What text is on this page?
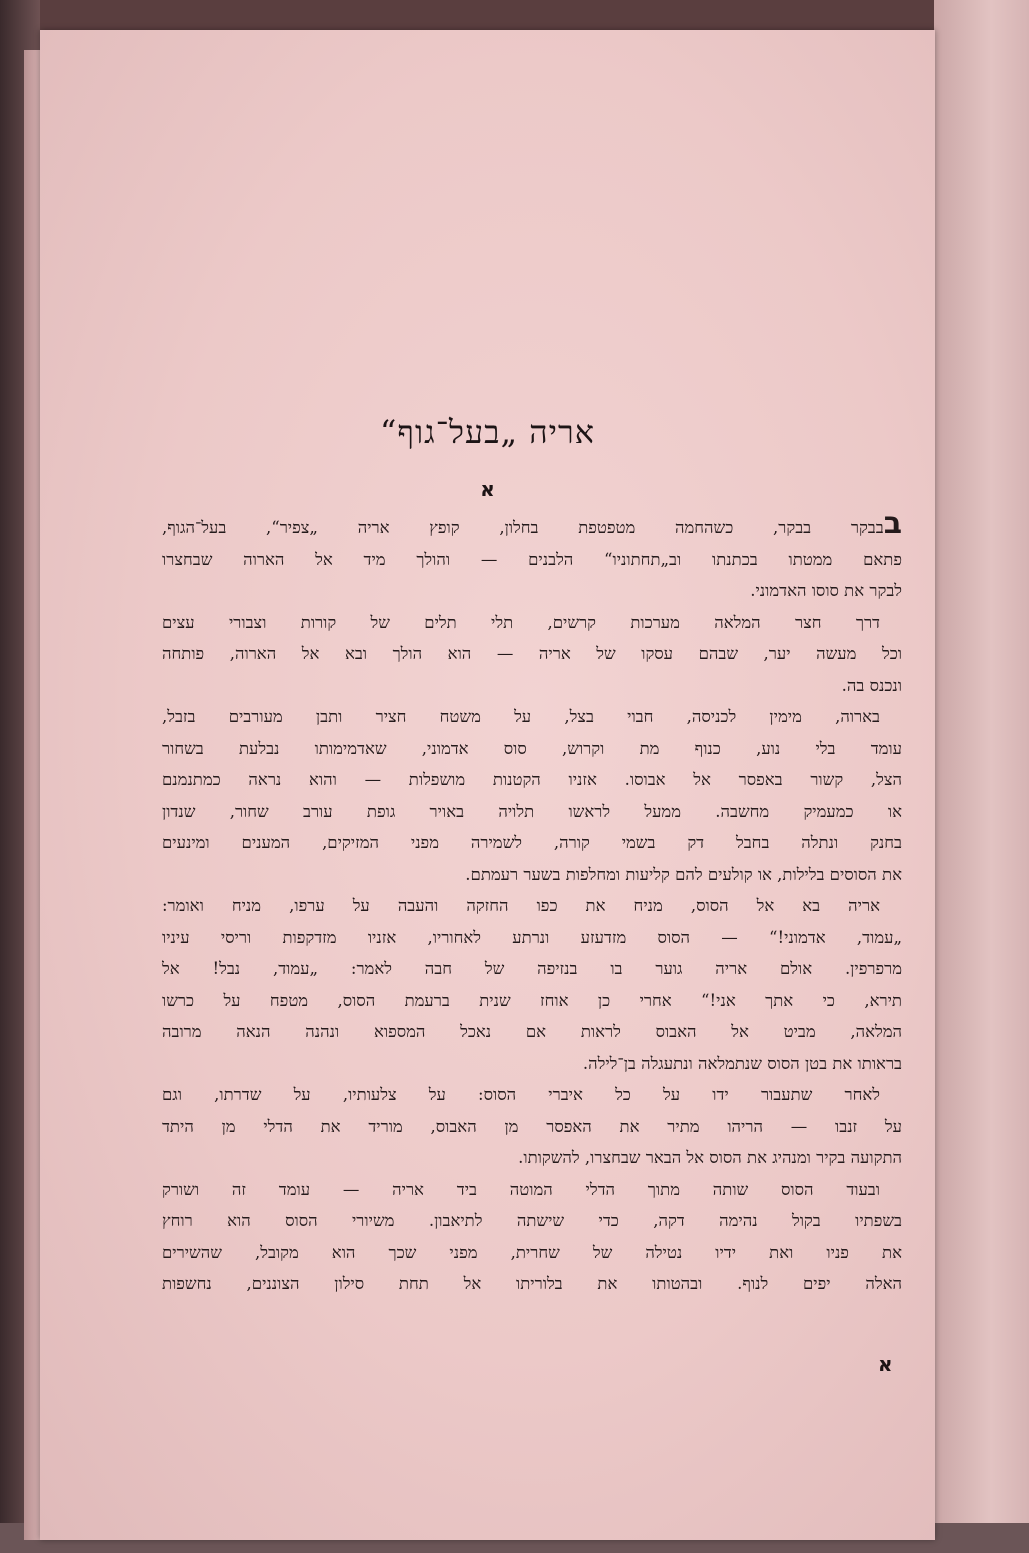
אריה „בעל־גוף“
א
בבבקר בבקר, כשהחמה מטפטפת בחלון, קופץ אריה „צפיר“, בעל־הגוף,
פתאם ממטתו בכתנתו וב„תחתוניו“ הלבנים — והולך מיד אל הארוה שבחצרו
לבקר את סוסו האדמוני.
דרך חצר המלאה מערכות קרשים, תלי תלים של קורות וצבורי עצים
וכל מעשה יער, שבהם עסקו של אריה — הוא הולך ובא אל הארוה, פותחה
ונכנס בה.
בארוה, מימין לכניסה, חבוי בצל, על משטח חציר ותבן מעורבים בזבל,
עומד בלי נוע, כנוף מת וקרוש, סוס אדמוני, שאדמימותו נבלעת בשחור
הצל, קשור באפסר אל אבוסו. אזניו הקטנות מושפלות — והוא נראה כמתנמנם
או כמעמיק מחשבה. ממעל לראשו תלויה באויר גופת עורב שחור, שנדון
בחנק ונתלה בחבל דק בשמי קורה, לשמירה מפני המזיקים, המענים ומינעים
את הסוסים בלילות, או קולעים להם קליעות ומחלפות בשער רעמתם.
אריה בא אל הסוס, מניח את כפו החזקה והעבה על ערפו, מניח ואומר:
„עמוד, אדמוני!“ — הסוס מזדעזע ונרתע לאחוריו, אזניו מזדקפות וריסי עיניו
מרפרפין. אולם אריה גוער בו בנזיפה של חבה לאמר: „עמוד, נבל! אל
תירא, כי אתך אני!“ אחרי כן אוחז שנית ברעמת הסוס, מטפח על כרשו
המלאה, מביט אל האבוס לראות אם נאכל המספוא ונהנה הנאה מרובה
בראותו את בטן הסוס שנתמלאה ונתעגלה בן־לילה.
לאחר שתעבור ידו על כל איברי הסוס: על צלעותיו, על שדרתו, וגם
על זנבו — הריהו מתיר את האפסר מן האבוס, מוריד את הדלי מן היתד
התקועה בקיר ומנהיג את הסוס אל הבאר שבחצרו, להשקותו.
ובעוד הסוס שותה מתוך הדלי המוטה ביד אריה — עומד זה ושורק
בשפתיו בקול נהימה דקה, כדי שישתה לתיאבון. משיורי הסוס הוא רוחץ
את פניו ואת ידיו נטילה של שחרית, מפני שכך הוא מקובל, שהשירים
האלה יפים לנוף. ובהטותו את בלוריתו אל תחת סילון הצוננים, נחשפות
א
